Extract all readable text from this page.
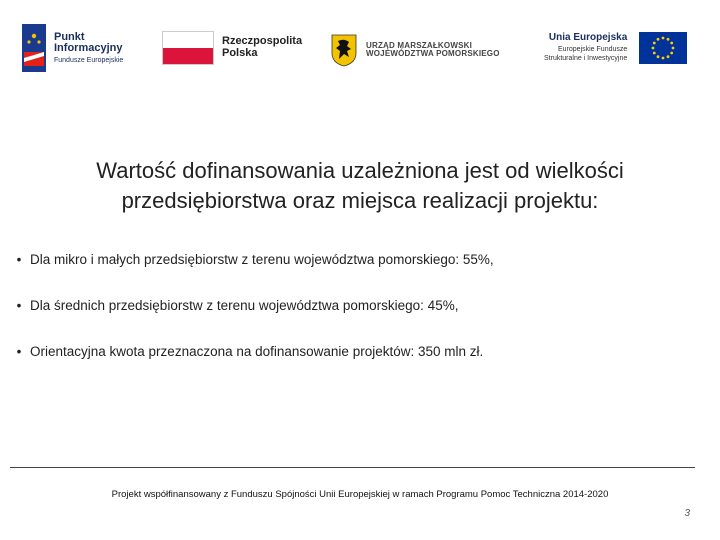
Punkt
Informacyjny
Fundusze Europejskie
Rzeczpospolita
Polska
URZĄD MARSZAŁKOWSKI
WOJEWÓDZTWA POMORSKIEGO
Unia Europejska
Europejskie Fundusze
Strukturalne i Inwestycyjne
Wartość dofinansowania uzależniona jest od wielkości
przedsiębiorstwa oraz miejsca realizacji projektu:
• Dla mikro i małych przedsiębiorstw z terenu województwa pomorskiego: 55%,
• Dla średnich przedsiębiorstw z terenu województwa pomorskiego: 45%,
• Orientacyjna kwota przeznaczona na dofinansowanie projektów: 350 mln zł.
Projekt współfinansowany z Funduszu Spójności Unii Europejskiej w ramach Programu Pomoc Techniczna 2014-2020
3
